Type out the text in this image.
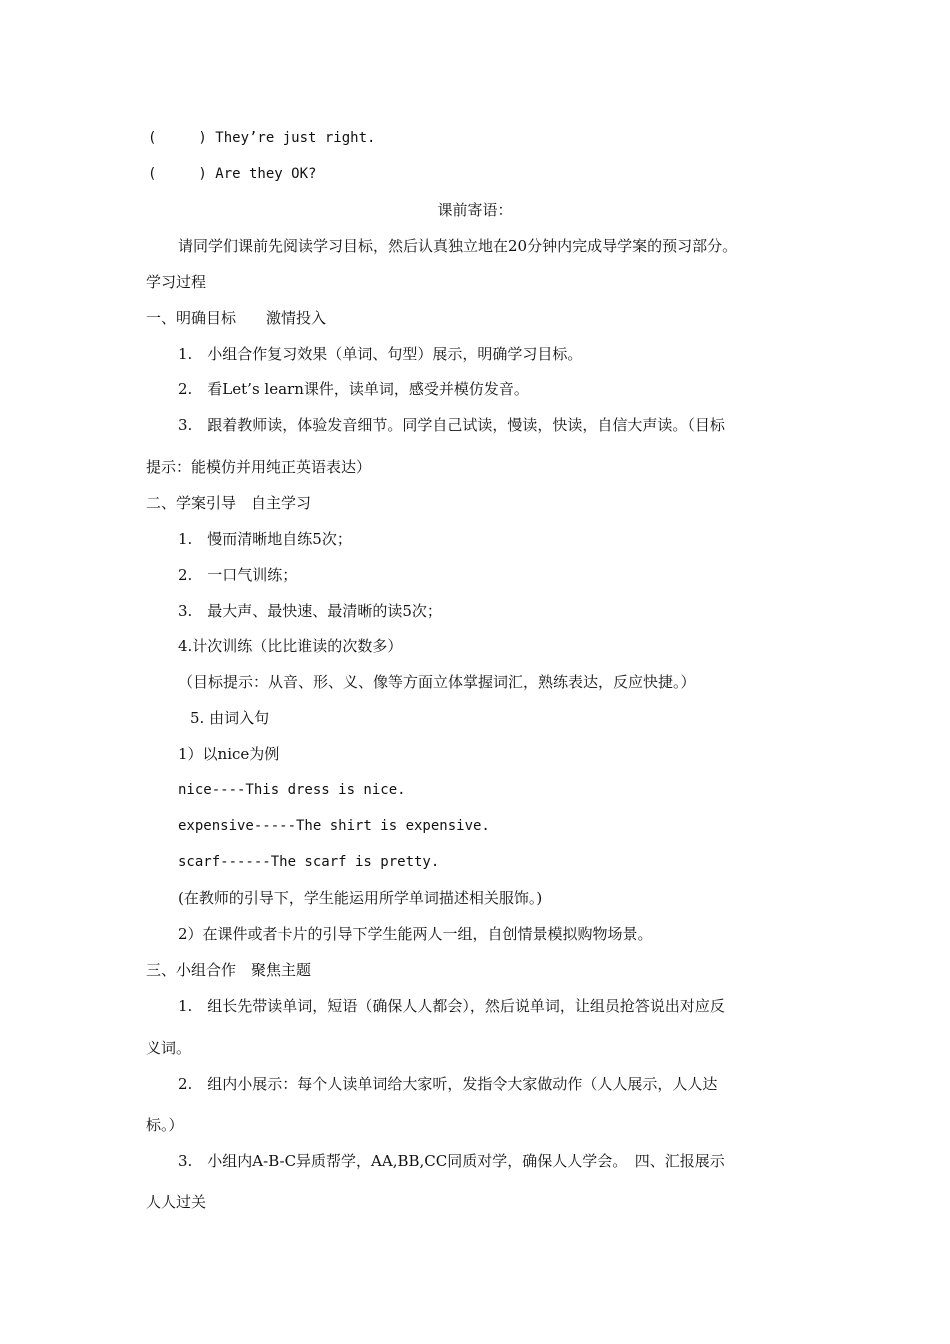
(　　　) They’re just right.
(　　　) Are they OK?
课前寄语：
请同学们课前先阅读学习目标，然后认真独立地在20分钟内完成导学案的预习部分。
学习过程
一、明确目标　　激情投入
1.　小组合作复习效果（单词、句型）展示，明确学习目标。
2.　看Let’s learn课件，读单词，感受并模仿发音。
3.　跟着教师读，体验发音细节。同学自己试读，慢读，快读，自信大声读。（目标
提示：能模仿并用纯正英语表达）
二、学案引导　自主学习
1.　慢而清晰地自练5次；
2.　一口气训练；
3.　最大声、最快速、最清晰的读5次；
4.计次训练（比比谁读的次数多）
（目标提示：从音、形、义、像等方面立体掌握词汇，熟练表达，反应快捷。）
5. 由词入句
1）以nice为例
nice----This dress is nice.
expensive-----The shirt is expensive.
scarf------The scarf is pretty.
(在教师的引导下，学生能运用所学单词描述相关服饰。)
2）在课件或者卡片的引导下学生能两人一组，自创情景模拟购物场景。
三、小组合作　聚焦主题
1.　组长先带读单词，短语（确保人人都会），然后说单词，让组员抢答说出对应反
义词。
2.　组内小展示：每个人读单词给大家听，发指令大家做动作（人人展示，人人达
标。）
3.　小组内A-B-C异质帮学，AA,BB,CC同质对学，确保人人学会。　四、汇报展示
人人过关
